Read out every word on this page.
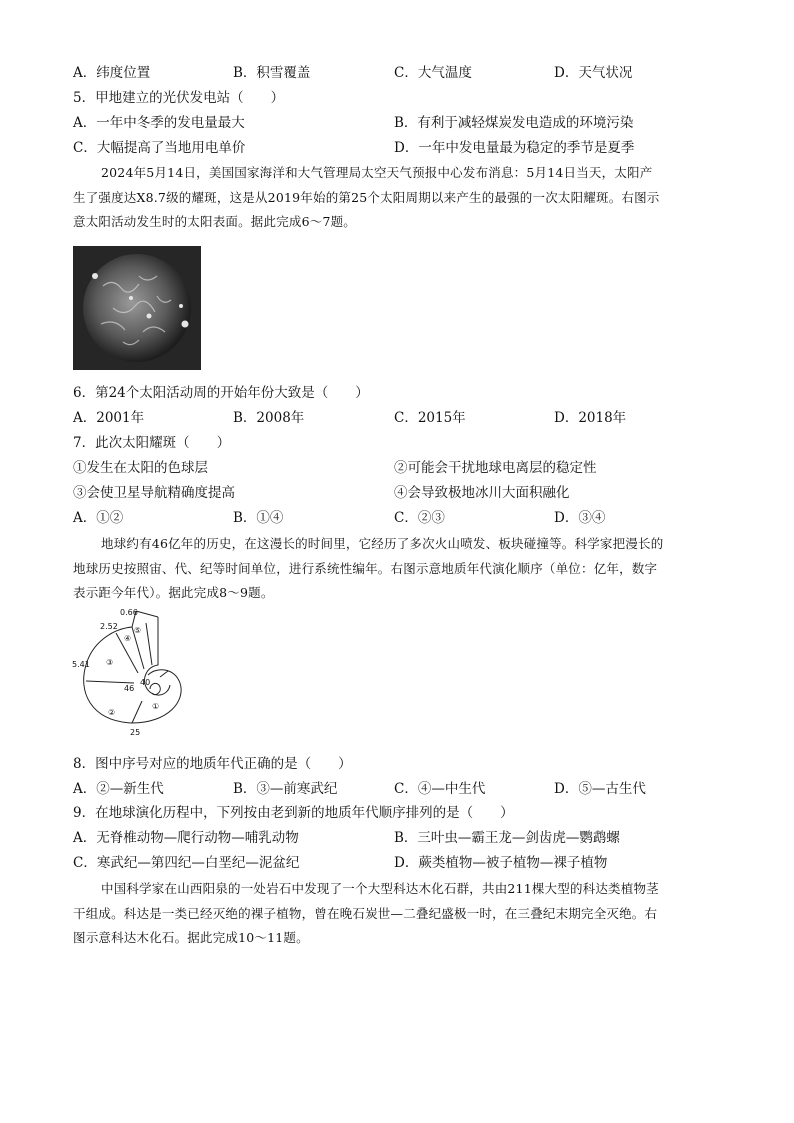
A．纬度位置	B．积雪覆盖	C．大气温度	D．天气状况
5．甲地建立的光伏发电站（　　）
A．一年中冬季的发电量最大	B．有利于减轻煤炭发电造成的环境污染
C．大幅提高了当地用电单价	D．一年中发电量最为稳定的季节是夏季
2024年5月14日，美国国家海洋和大气管理局太空天气预报中心发布消息：5月14日当天，太阳产
生了强度达X8.7级的耀斑，这是从2019年始的第25个太阳周期以来产生的最强的一次太阳耀斑。右图示
意太阳活动发生时的太阳表面。据此完成6～7题。
6．第24个太阳活动周的开始年份大致是（　　）
A．2001年	B．2008年	C．2015年	D．2018年
7．此次太阳耀斑（　　）
①发生在太阳的色球层	②可能会干扰地球电离层的稳定性
③会使卫星导航精确度提高	④会导致极地冰川大面积融化
A．①②	B．①④	C．②③	D．③④
地球约有46亿年的历史，在这漫长的时间里，它经历了多次火山喷发、板块碰撞等。科学家把漫长的
地球历史按照宙、代、纪等时间单位，进行系统性编年。右图示意地质年代演化顺序（单位：亿年，数字
表示距今年代）。据此完成8～9题。
0.66
2.52
5.41
46
40
25
①
②
③
④
⑤
8．图中序号对应的地质年代正确的是（　　）
A．②—新生代	B．③—前寒武纪	C．④—中生代	D．⑤—古生代
9．在地球演化历程中，下列按由老到新的地质年代顺序排列的是（　　）
A．无脊椎动物—爬行动物—哺乳动物	B．三叶虫—霸王龙—剑齿虎—鹦鹉螺
C．寒武纪—第四纪—白垩纪—泥盆纪	D．蕨类植物—被子植物—裸子植物
中国科学家在山西阳泉的一处岩石中发现了一个大型科达木化石群，共由211棵大型的科达类植物茎
干组成。科达是一类已经灭绝的裸子植物，曾在晚石炭世—二叠纪盛极一时，在三叠纪末期完全灭绝。右
图示意科达木化石。据此完成10～11题。
